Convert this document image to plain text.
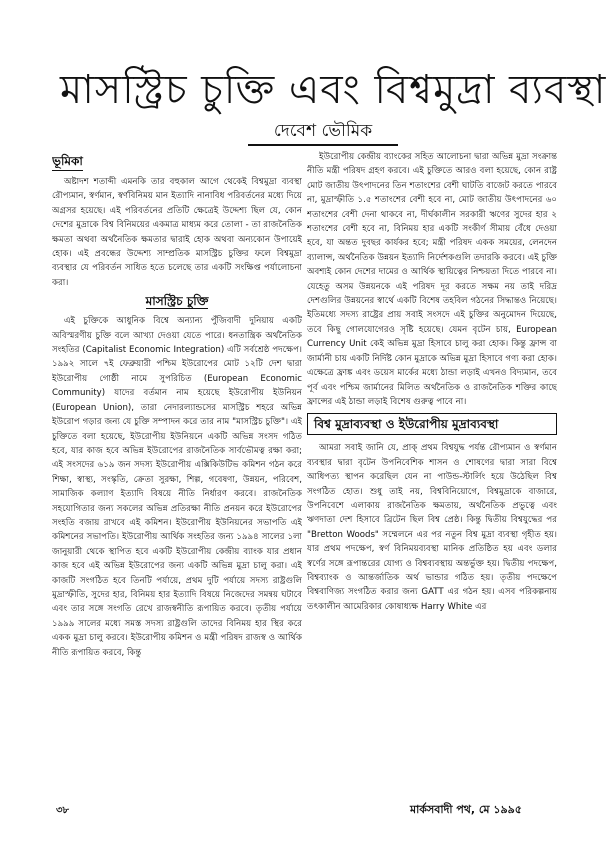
মাসস্ট্রিচ চুক্তি এবং বিশ্বমুদ্রা ব্যবস্থা
দেবেশ ভৌমিক
ভূমিকা

অষ্টাদশ শতাব্দী এমনকি তার বহুকাল আগে থেকেই বিশ্বমুদ্রা ব্যবস্থা রৌপ্যমান, স্বর্ণমান, স্বর্ণবিনিময় মান ইত্যাদি নানাবিধ পরিবর্তনের মধ্যে দিয়ে অগ্রসর হয়েছে। এই পরিবর্তনের প্রতিটি ক্ষেত্রেই উদ্দেশ্য ছিল যে, কোন দেশের মুদ্রাকে বিশ্ব বিনিময়ের একমাত্র মাধ্যম করে তোলা - তা রাজনৈতিক ক্ষমতা অথবা অর্থনৈতিক ক্ষমতার দ্বারাই হোক অথবা অন্যকোন উপায়েই হোক। এই প্রবন্ধের উদ্দেশ্য সাম্প্রতিক মাসস্ট্রিচ চুক্তির ফলে বিশ্বমুদ্রা ব্যবস্থার যে পরিবর্তন সাধিত হতে চলেছে তার একটি সংক্ষিপ্ত পর্যালোচনা করা।

মাসস্ট্রিচ চুক্তি

এই চুক্তিকে আধুনিক বিশ্বে অন্যান্য পুঁজিবাদী দুনিয়ায় একটি অবিস্মরণীয় চুক্তি বলে আখ্যা দেওয়া যেতে পারে। ধনতান্ত্রিক অর্থনৈতিক সংহতির (Capitalist Economic Integration) এটি সর্বশ্রেষ্ঠ পদক্ষেপ। ১৯৯২ সালে ৭ই ফেব্রুয়ারী পশ্চিম ইউরোপের মোট ১২টি দেশ দ্বারা ইউরোপীয় গোষ্ঠী নামে সুপরিচিত (European Economic Community) যাদের বর্তমান নাম হয়েছে ইউরোপীয় ইউনিয়ন (European Union), তারা নেদারল্যান্ডসের মাসস্ট্রিচ শহরে অভিন্ন ইউরোপ গড়ার জন্য যে চুক্তি সম্পাদন করে তার নাম "মাসস্ট্রিচ চুক্তি"। এই চুক্তিতে বলা হয়েছে, ইউরোপীয় ইউনিয়নে একটি অভিন্ন সংসদ গঠিত হবে, যার কাজ হবে অভিন্ন ইউরোপের রাজনৈতিক সার্বভৌমত্ব রক্ষা করা; এই সংসদের ৬১৯ জন সদস্য ইউরোপীয় এক্সিকিউটিভ কমিশন গঠন করে শিক্ষা, স্বাস্থ্য, সংস্কৃতি, ক্রেতা সুরক্ষা, শিল্প, গবেষণা, উন্নয়ন, পরিবেশ, সামাজিক কল্যাণ ইত্যাদি বিষয়ে নীতি নির্ধারণ করবে। রাজনৈতিক সহযোগিতার জন্য সকলের অভিন্ন প্রতিরক্ষা নীতি প্রনয়ন করে ইউরোপের সংহতি বজায় রাখবে এই কমিশন। ইউরোপীয় ইউনিয়নের সভাপতি এই কমিশনের সভাপতি। ইউরোপীয় আর্থিক সংহতির জন্য ১৯৯৪ সালের ১লা জানুয়ারী থেকে স্থাপিত হবে একটি ইউরোপীয় কেন্দ্রীয় ব্যাংক যার প্রধান কাজ হবে এই অভিন্ন ইউরোপের জন্য একটি অভিন্ন মুদ্রা চালু করা। এই কাজটি সংগঠিত হবে তিনটি পর্যায়ে, প্রথম দুটি পর্যায়ে সদস্য রাষ্ট্রগুলি মুদ্রাস্ফীতি, সুদের হার, বিনিময় হার ইত্যাদি বিষয়ে নিজেদের সমন্বয় ঘটাবে এবং তার সঙ্গে সংগতি রেখে রাজস্বনীতি রূপায়িত করবে। তৃতীয় পর্যায়ে ১৯৯৯ সালের মধ্যে সমস্ত সদস্য রাষ্ট্রগুলি তাদের বিনিময় হার স্থির করে একক মুদ্রা চালু করবে। ইউরোপীয় কমিশন ও মন্ত্রী পরিষদ রাজস্ব ও আর্থিক নীতি রূপায়িত করবে, কিন্তু

ইউরোপীয় কেন্দ্রীয় ব্যাংকের সহিত আলোচনা দ্বারা অভিন্ন মুদ্রা সংক্রান্ত নীতি মন্ত্রী পরিষদ গ্রহণ করবে। এই চুক্তিতে আরও বলা হয়েছে, কোন রাষ্ট্র মোট জাতীয় উৎপাদনের তিন শতাংশের বেশী ঘাটতি বাজেট করতে পারবে না, মুদ্রাস্ফীতি ১.৫ শতাংশের বেশী হবে না, মোট জাতীয় উৎপাদনের ৬০ শতাংশের বেশী দেনা থাকবে না, দীর্ঘকালীন সরকারী ঋণের সুদের হার ২ শতাংশের বেশী হবে না, বিনিময় হার একটি সংকীর্ণ সীমায় বেঁধে দেওয়া হবে, যা অন্তত দুবছর কার্যকর হবে; মন্ত্রী পরিষদ একক সময়ের, লেনদেন ব্যালান্স, অর্থনৈতিক উন্নয়ন ইত্যাদি নির্দেশকগুলি তদারকি করবে। এই চুক্তি অবশ্যই কোন দেশের দামের ও আর্থিক স্থায়িত্বের নিশ্চয়তা দিতে পারবে না। যেহেতু অসম উন্নয়নকে এই পরিষদ দূর করতে সক্ষম নয় তাই দরিদ্র দেশগুলির উন্নয়নের স্বার্থে একটি বিশেষ তহবিল গঠনের সিদ্ধান্তও নিয়েছে। ইতিমধ্যে সদস্য রাষ্ট্রের প্রায় সবাই সংসদে এই চুক্তির অনুমোদন দিয়েছে, তবে কিছু গোলযোগেরও সৃষ্টি হয়েছে। যেমন বৃটেন চায়, European Currency Unit কেই অভিন্ন মুদ্রা হিসাবে চালু করা হোক। কিন্তু ফ্রান্স বা জার্মানী চায় একটি নির্দিষ্ট কোন মুদ্রাকে অভিন্ন মুদ্রা হিসাবে গণ্য করা হোক। এক্ষেত্রে ফ্রাঙ্ক এবং ডয়েস মার্কের মধ্যে ঠান্ডা লড়াই এখনও বিদ্যমান, তবে পূর্ব এবং পশ্চিম জার্মানের মিলিত অর্থনৈতিক ও রাজনৈতিক শক্তির কাছে ফ্রান্সের এই ঠান্ডা লড়াই বিশেষ গুরুত্ব পাবে না।

বিশ্ব মুদ্রাব্যবস্থা ও ইউরোপীয় মুদ্রাব্যবস্থা

আমরা সবাই জানি যে, প্রাক্ প্রথম বিশ্বযুদ্ধ পর্যন্ত রৌপ্যমান ও স্বর্ণমান ব্যবস্থার দ্বারা বৃটেন উপনিবেশিক শাসন ও শোষণের দ্বারা সারা বিশ্বে আধিপত্য স্থাপন করেছিল যেন না পাউন্ড-স্টার্লিং হয়ে উঠেছিল বিশ্ব সংগঠিত হোত। শুধু তাই নয়, বিশ্ববিনিয়োগে, বিশ্বমুদ্রাকে বাজারে, উপনিবেশে এলাকায় রাজনৈতিক ক্ষমতায়, অর্থনৈতিক প্রভুত্বে এবং ঋণদাতা দেশ হিসাবে ব্রিটেন ছিল বিশ্ব প্রেষ্ঠ। কিন্তু দ্বিতীয় বিশ্বযুদ্ধের পর "Bretton Woods" সম্মেলনে এর পর নতুন বিশ্ব মুদ্রা ব্যবস্থা গৃহীত হয়। যার প্রথম পদক্ষেপ, স্বর্ণ বিনিময়ব্যবস্থা মানিক প্রতিষ্ঠিত হয় এবং ডলার স্বর্ণের সঙ্গে রূপান্তরের যোগ্য ও বিশ্বব্যবস্থায় অন্তর্ভুক্ত হয়। দ্বিতীয় পদক্ষেপ, বিশ্বব্যাংক ও আন্তর্জাতিক অর্থ ভান্ডার গঠিত হয়। তৃতীয় পদক্ষেপে বিশ্ববাণিজ্য সংগঠিত করার জন্য GATT এর গঠন হয়। এসব পরিকল্পনায় তৎকালীন আমেরিকার কোষাধ্যক্ষ Harry White এর

৩৮	মার্কসবাদী পথ, মে ১৯৯৫
